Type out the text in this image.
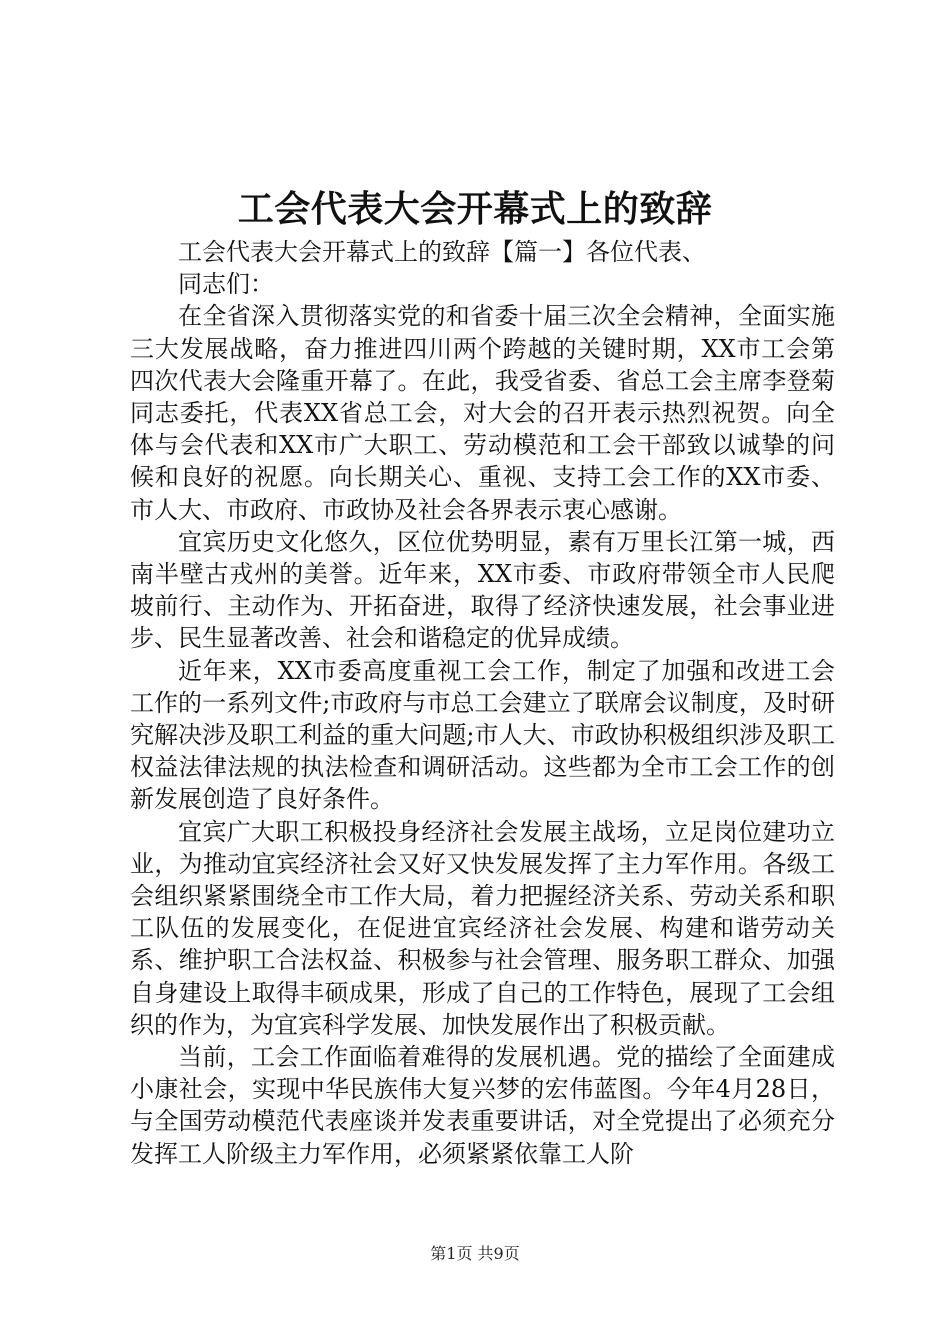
工会代表大会开幕式上的致辞

工会代表大会开幕式上的致辞【篇一】各位代表、

同志们：

在全省深入贯彻落实党的和省委十届三次全会精神，全面实施三大发展战略，奋力推进四川两个跨越的关键时期，XX市工会第四次代表大会隆重开幕了。在此，我受省委、省总工会主席李登菊同志委托，代表XX省总工会，对大会的召开表示热烈祝贺。向全体与会代表和XX市广大职工、劳动模范和工会干部致以诚挚的问候和良好的祝愿。向长期关心、重视、支持工会工作的XX市委、市人大、市政府、市政协及社会各界表示衷心感谢。

宜宾历史文化悠久，区位优势明显，素有万里长江第一城，西南半壁古戎州的美誉。近年来，XX市委、市政府带领全市人民爬坡前行、主动作为、开拓奋进，取得了经济快速发展，社会事业进步、民生显著改善、社会和谐稳定的优异成绩。

近年来，XX市委高度重视工会工作，制定了加强和改进工会工作的一系列文件;市政府与市总工会建立了联席会议制度，及时研究解决涉及职工利益的重大问题;市人大、市政协积极组织涉及职工权益法律法规的执法检查和调研活动。这些都为全市工会工作的创新发展创造了良好条件。

宜宾广大职工积极投身经济社会发展主战场，立足岗位建功立业，为推动宜宾经济社会又好又快发展发挥了主力军作用。各级工会组织紧紧围绕全市工作大局，着力把握经济关系、劳动关系和职工队伍的发展变化，在促进宜宾经济社会发展、构建和谐劳动关系、维护职工合法权益、积极参与社会管理、服务职工群众、加强自身建设上取得丰硕成果，形成了自己的工作特色，展现了工会组织的作为，为宜宾科学发展、加快发展作出了积极贡献。

当前，工会工作面临着难得的发展机遇。党的描绘了全面建成小康社会，实现中华民族伟大复兴梦的宏伟蓝图。今年4月28日，与全国劳动模范代表座谈并发表重要讲话，对全党提出了必须充分发挥工人阶级主力军作用，必须紧紧依靠工人阶

第1页 共9页
